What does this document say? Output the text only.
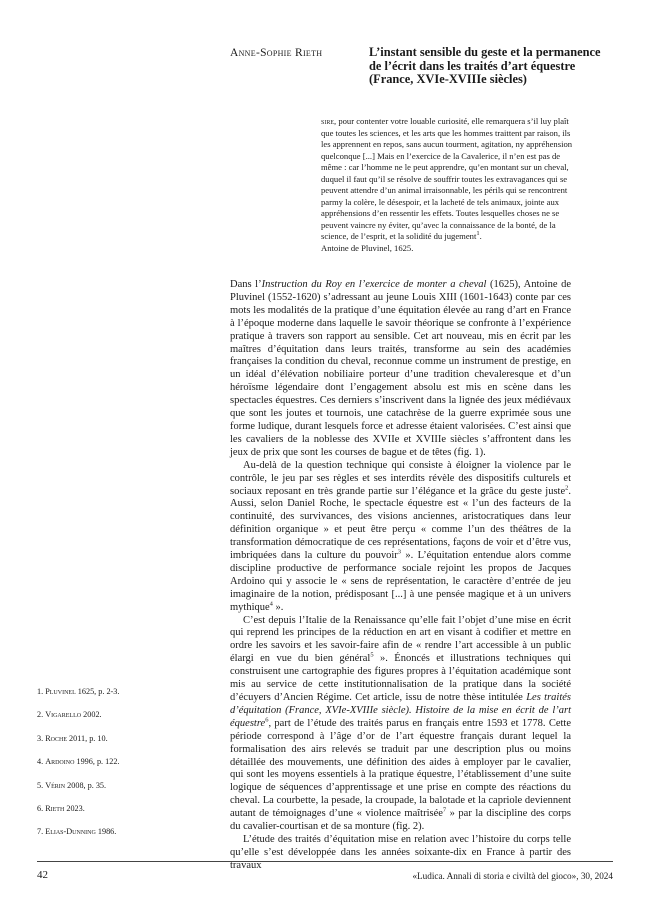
Anne-Sophie Rieth	L’instant sensible du geste et la permanence de l’écrit dans les traités d’art équestre (France, XVIe-XVIIIe siècles)

sire, pour contenter votre louable curiosité, elle remarquera s’il luy plaît que toutes les sciences, et les arts que les hommes traittent par raison, ils les apprennent en repos, sans aucun tourment, agitation, ny appréhension quelconque [...] Mais en l’exercice de la Cavalerice, il n’en est pas de même : car l’homme ne le peut apprendre, qu’en montant sur un cheval, duquel il faut qu’il se résolve de souffrir toutes les extravagances qui se peuvent attendre d’un animal irraisonnable, les périls qui se rencontrent parmy la colère, le désespoir, et la lacheté de tels animaux, jointe aux appréhensions d’en ressentir les effets. Toutes lesquelles choses ne se peuvent vaincre ny éviter, qu’avec la connaissance de la bonté, de la science, de l’esprit, et la solidité du jugement$^1$.

Antoine de Pluvinel, 1625.

Dans l’Instruction du Roy en l’exercice de monter a cheval (1625), Antoine de Pluvinel (1552-1620) s’adressant au jeune Louis XIII (1601-1643) conte par ces mots les modalités de la pratique d’une équitation élevée au rang d’art en France à l’époque moderne dans laquelle le savoir théorique se confronte à l’expérience pratique à travers son rapport au sensible. Cet art nouveau, mis en écrit par les maîtres d’équitation dans leurs traités, transforme au sein des académies françaises la condition du cheval, reconnue comme un instrument de prestige, en un idéal d’élévation nobiliaire porteur d’une tradition chevaleresque et d’un héroïsme légendaire dont l’engagement absolu est mis en scène dans les spectacles équestres. Ces derniers s’inscrivent dans la lignée des jeux médiévaux que sont les joutes et tournois, une catachrèse de la guerre exprimée sous une forme ludique, durant lesquels force et adresse étaient valorisées. C’est ainsi que les cavaliers de la noblesse des XVIIe et XVIIIe siècles s’affrontent dans les jeux de prix que sont les courses de bague et de têtes (fig. 1).

Au-delà de la question technique qui consiste à éloigner la violence par le contrôle, le jeu par ses règles et ses interdits révèle des dispositifs culturels et sociaux reposant en très grande partie sur l’élégance et la grâce du geste juste$^2$. Aussi, selon Daniel Roche, le spectacle équestre est « l’un des facteurs de la continuité, des survivances, des visions anciennes, aristocratiques dans leur définition organique » et peut être perçu « comme l’un des théâtres de la transformation démocratique de ces représentations, façons de voir et d’être vus, imbriquées dans la culture du pouvoir$^3$ ». L’équitation entendue alors comme discipline productive de performance sociale rejoint les propos de Jacques Ardoino qui y associe le « sens de représentation, le caractère d’entrée de jeu imaginaire de la notion, prédisposant [...] à une pensée magique et à un univers mythique$^4$ ».

C’est depuis l’Italie de la Renaissance qu’elle fait l’objet d’une mise en écrit qui reprend les principes de la réduction en art en visant à codifier et mettre en ordre les savoirs et les savoir-faire afin de « rendre l’art accessible à un public élargi en vue du bien général$^5$ ». Énoncés et illustrations techniques qui construisent une cartographie des figures propres à l’équitation académique sont mis au service de cette institutionnalisation de la pratique dans la société d’écuyers d’Ancien Régime. Cet article, issu de notre thèse intitulée Les traités d’équitation (France, XVIe-XVIIIe siècle). Histoire de la mise en écrit de l’art équestre$^6$, part de l’étude des traités parus en français entre 1593 et 1778. Cette période correspond à l’âge d’or de l’art équestre français durant lequel la formalisation des airs relevés se traduit par une description plus ou moins détaillée des mouvements, une définition des aides à employer par le cavalier, qui sont les moyens essentiels à la pratique équestre, l’établissement d’une suite logique de séquences d’apprentissage et une prise en compte des réactions du cheval. La courbette, la pesade, la croupade, la balotade et la capriole deviennent autant de témoignages d’une « violence maîtrisée$^7$ » par la discipline des corps du cavalier-courtisan et de sa monture (fig. 2).

L’étude des traités d’équitation mise en relation avec l’histoire du corps telle qu’elle s’est développée dans les années soixante-dix en France à partir des travaux

1. Pluvinel 1625, p. 2-3.
2. Vigarello 2002.
3. Roche 2011, p. 10.
4. Ardoino 1996, p. 122.
5. Vérin 2008, p. 35.
6. Rieth 2023.
7. Elias-Dunning 1986.
42	«Ludica. Annali di storia e civiltà del gioco», 30, 2024
